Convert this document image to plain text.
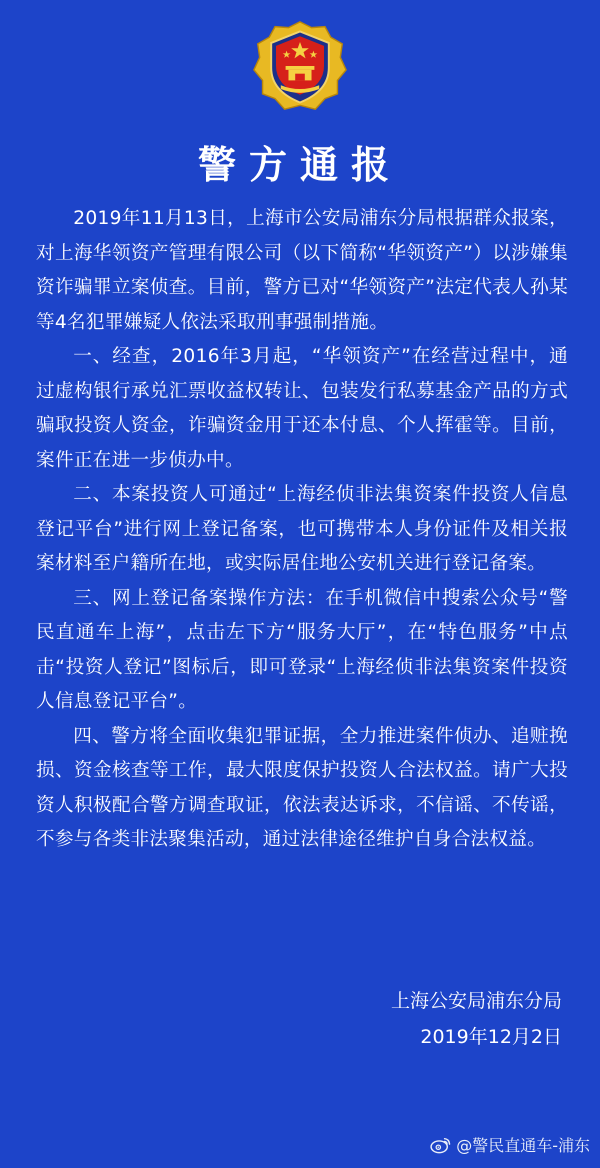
警方通报

2019年11月13日，上海市公安局浦东分局根据群众报案，对上海华领资产管理有限公司（以下简称“华领资产”）以涉嫌集资诈骗罪立案侦查。目前，警方已对“华领资产”法定代表人孙某等4名犯罪嫌疑人依法采取刑事强制措施。

一、经查，2016年3月起，“华领资产”在经营过程中，通过虚构银行承兑汇票收益权转让、包装发行私募基金产品的方式骗取投资人资金，诈骗资金用于还本付息、个人挥霍等。目前，案件正在进一步侦办中。

二、本案投资人可通过“上海经侦非法集资案件投资人信息登记平台”进行网上登记备案，也可携带本人身份证件及相关报案材料至户籍所在地，或实际居住地公安机关进行登记备案。

三、网上登记备案操作方法：在手机微信中搜索公众号“警民直通车上海”，点击左下方“服务大厅”，在“特色服务”中点击“投资人登记”图标后，即可登录“上海经侦非法集资案件投资人信息登记平台”。

四、警方将全面收集犯罪证据，全力推进案件侦办、追赃挽损、资金核查等工作，最大限度保护投资人合法权益。请广大投资人积极配合警方调查取证，依法表达诉求，不信谣、不传谣，不参与各类非法聚集活动，通过法律途径维护自身合法权益。

上海公安局浦东分局
2019年12月2日
@警民直通车-浦东
